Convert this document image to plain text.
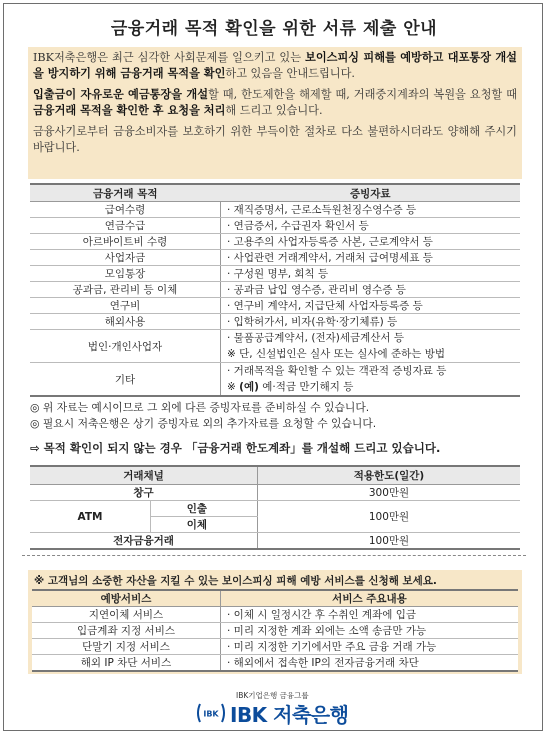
금융거래 목적 확인을 위한 서류 제출 안내

IBK저축은행은 최근 심각한 사회문제를 일으키고 있는 보이스피싱 피해를 예방하고 대포통장 개설을 방지하기 위해 금융거래 목적을 확인하고 있음을 안내드립니다.

입출금이 자유로운 예금통장을 개설할 때, 한도제한을 해제할 때, 거래중지계좌의 복원을 요청할 때 금융거래 목적을 확인한 후 요청을 처리해 드리고 있습니다.

금융사기로부터 금융소비자를 보호하기 위한 부득이한 절차로 다소 불편하시더라도 양해해 주시기 바랍니다.

금융거래 목적	증빙자료
급여수령	· 재직증명서, 근로소득원천징수영수증 등
연금수급	· 연금증서, 수급권자 확인서 등
아르바이트비 수령	· 고용주의 사업자등록증 사본, 근로계약서 등
사업자금	· 사업관련 거래계약서, 거래처 급여명세표 등
모임통장	· 구성원 명부, 회칙 등
공과금, 관리비 등 이체	· 공과금 납입 영수증, 관리비 영수증 등
연구비	· 연구비 계약서, 지급단체 사업자등록증 등
해외사용	· 입학허가서, 비자(유학·장기체류) 등
법인·개인사업자	· 물품공급계약서, (전자)세금계산서 등
※ 단, 신설법인은 실사 또는 실사에 준하는 방법

기타	· 거래목적을 확인할 수 있는 객관적 증빙자료 등
※ (예) 예·적금 만기해지 등
◎ 위 자료는 예시이므로 그 외에 다른 증빙자료를 준비하실 수 있습니다.
◎ 필요시 저축은행은 상기 증빙자료 외의 추가자료를 요청할 수 있습니다.
⇨ 목적 확인이 되지 않는 경우 「금융거래 한도계좌」를 개설해 드리고 있습니다.
거래채널		적용한도(일간)
창구		300만원
ATM	인출	100만원
	이체	
전자금융거래		100만원
※ 고객님의 소중한 자산을 지킬 수 있는 보이스피싱 피해 예방 서비스를 신청해 보세요.
예방서비스	서비스 주요내용
지연이체 서비스	· 이체 시 일정시간 후 수취인 계좌에 입금
입금계좌 지정 서비스	· 미리 지정한 계좌 외에는 소액 송금만 가능
단말기 지정 서비스	· 미리 지정한 기기에서만 주요 금융 거래 가능
해외 IP 차단 서비스	· 해외에서 접속한 IP의 전자금융거래 차단
IBK기업은행 금융그룹
IBK IBK 저축은행
